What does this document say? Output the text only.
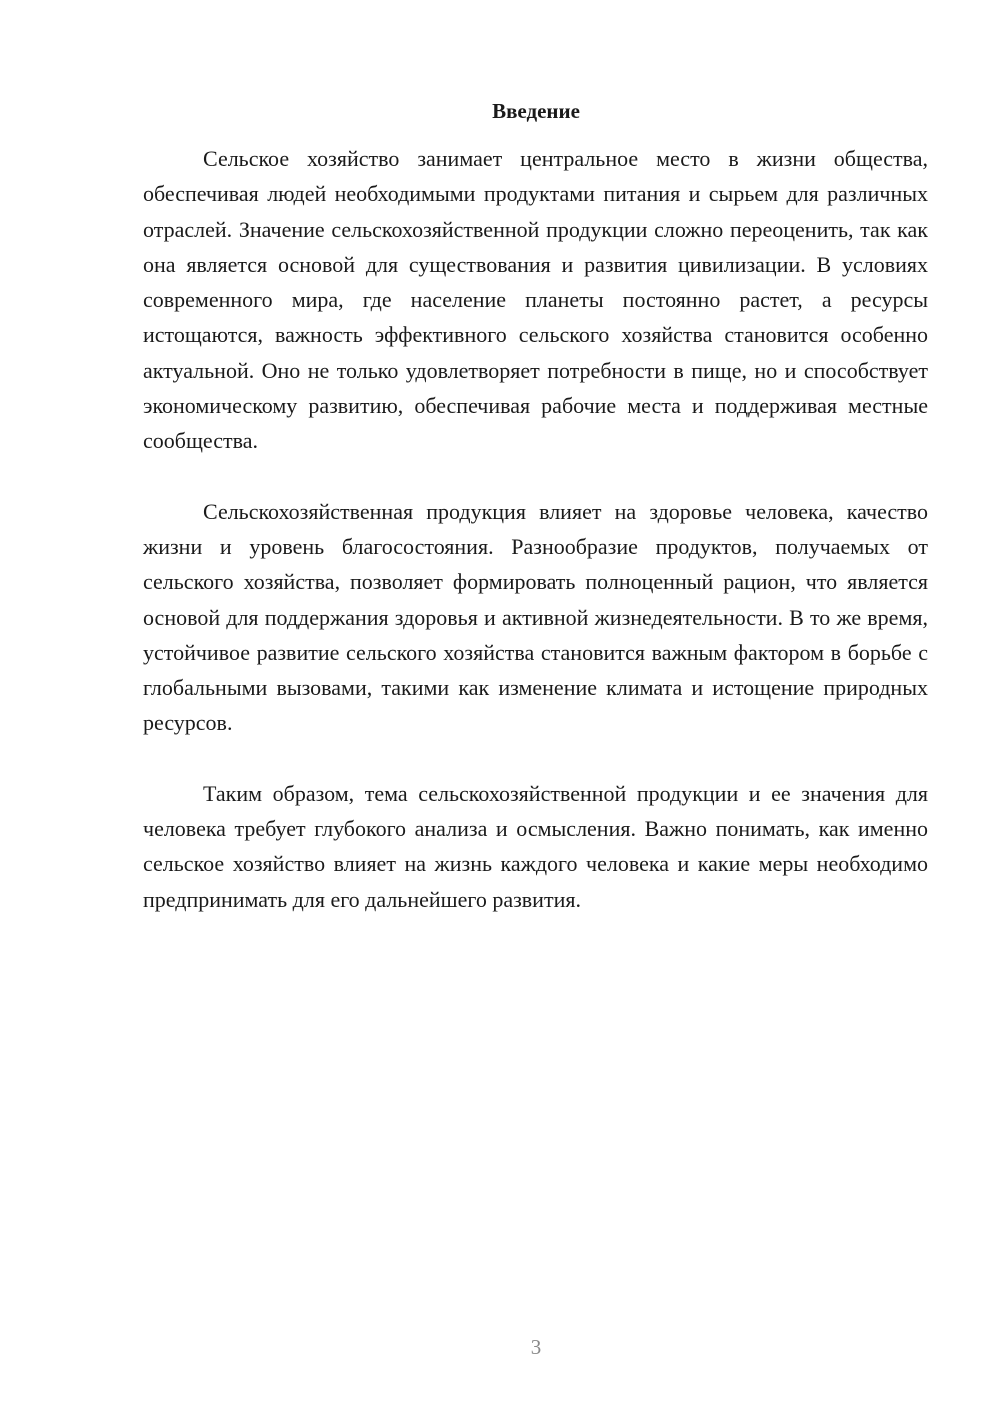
Введение

Сельское хозяйство занимает центральное место в жизни общества, обеспечивая людей необходимыми продуктами питания и сырьем для различных отраслей. Значение сельскохозяйственной продукции сложно переоценить, так как она является основой для существования и развития цивилизации. В условиях современного мира, где население планеты постоянно растет, а ресурсы истощаются, важность эффективного сельского хозяйства становится особенно актуальной. Оно не только удовлетворяет потребности в пище, но и способствует экономическому развитию, обеспечивая рабочие места и поддерживая местные сообщества.

Сельскохозяйственная продукция влияет на здоровье человека, качество жизни и уровень благосостояния. Разнообразие продуктов, получаемых от сельского хозяйства, позволяет формировать полноценный рацион, что является основой для поддержания здоровья и активной жизнедеятельности. В то же время, устойчивое развитие сельского хозяйства становится важным фактором в борьбе с глобальными вызовами, такими как изменение климата и истощение природных ресурсов.

Таким образом, тема сельскохозяйственной продукции и ее значения для человека требует глубокого анализа и осмысления. Важно понимать, как именно сельское хозяйство влияет на жизнь каждого человека и какие меры необходимо предпринимать для его дальнейшего развития.

3
